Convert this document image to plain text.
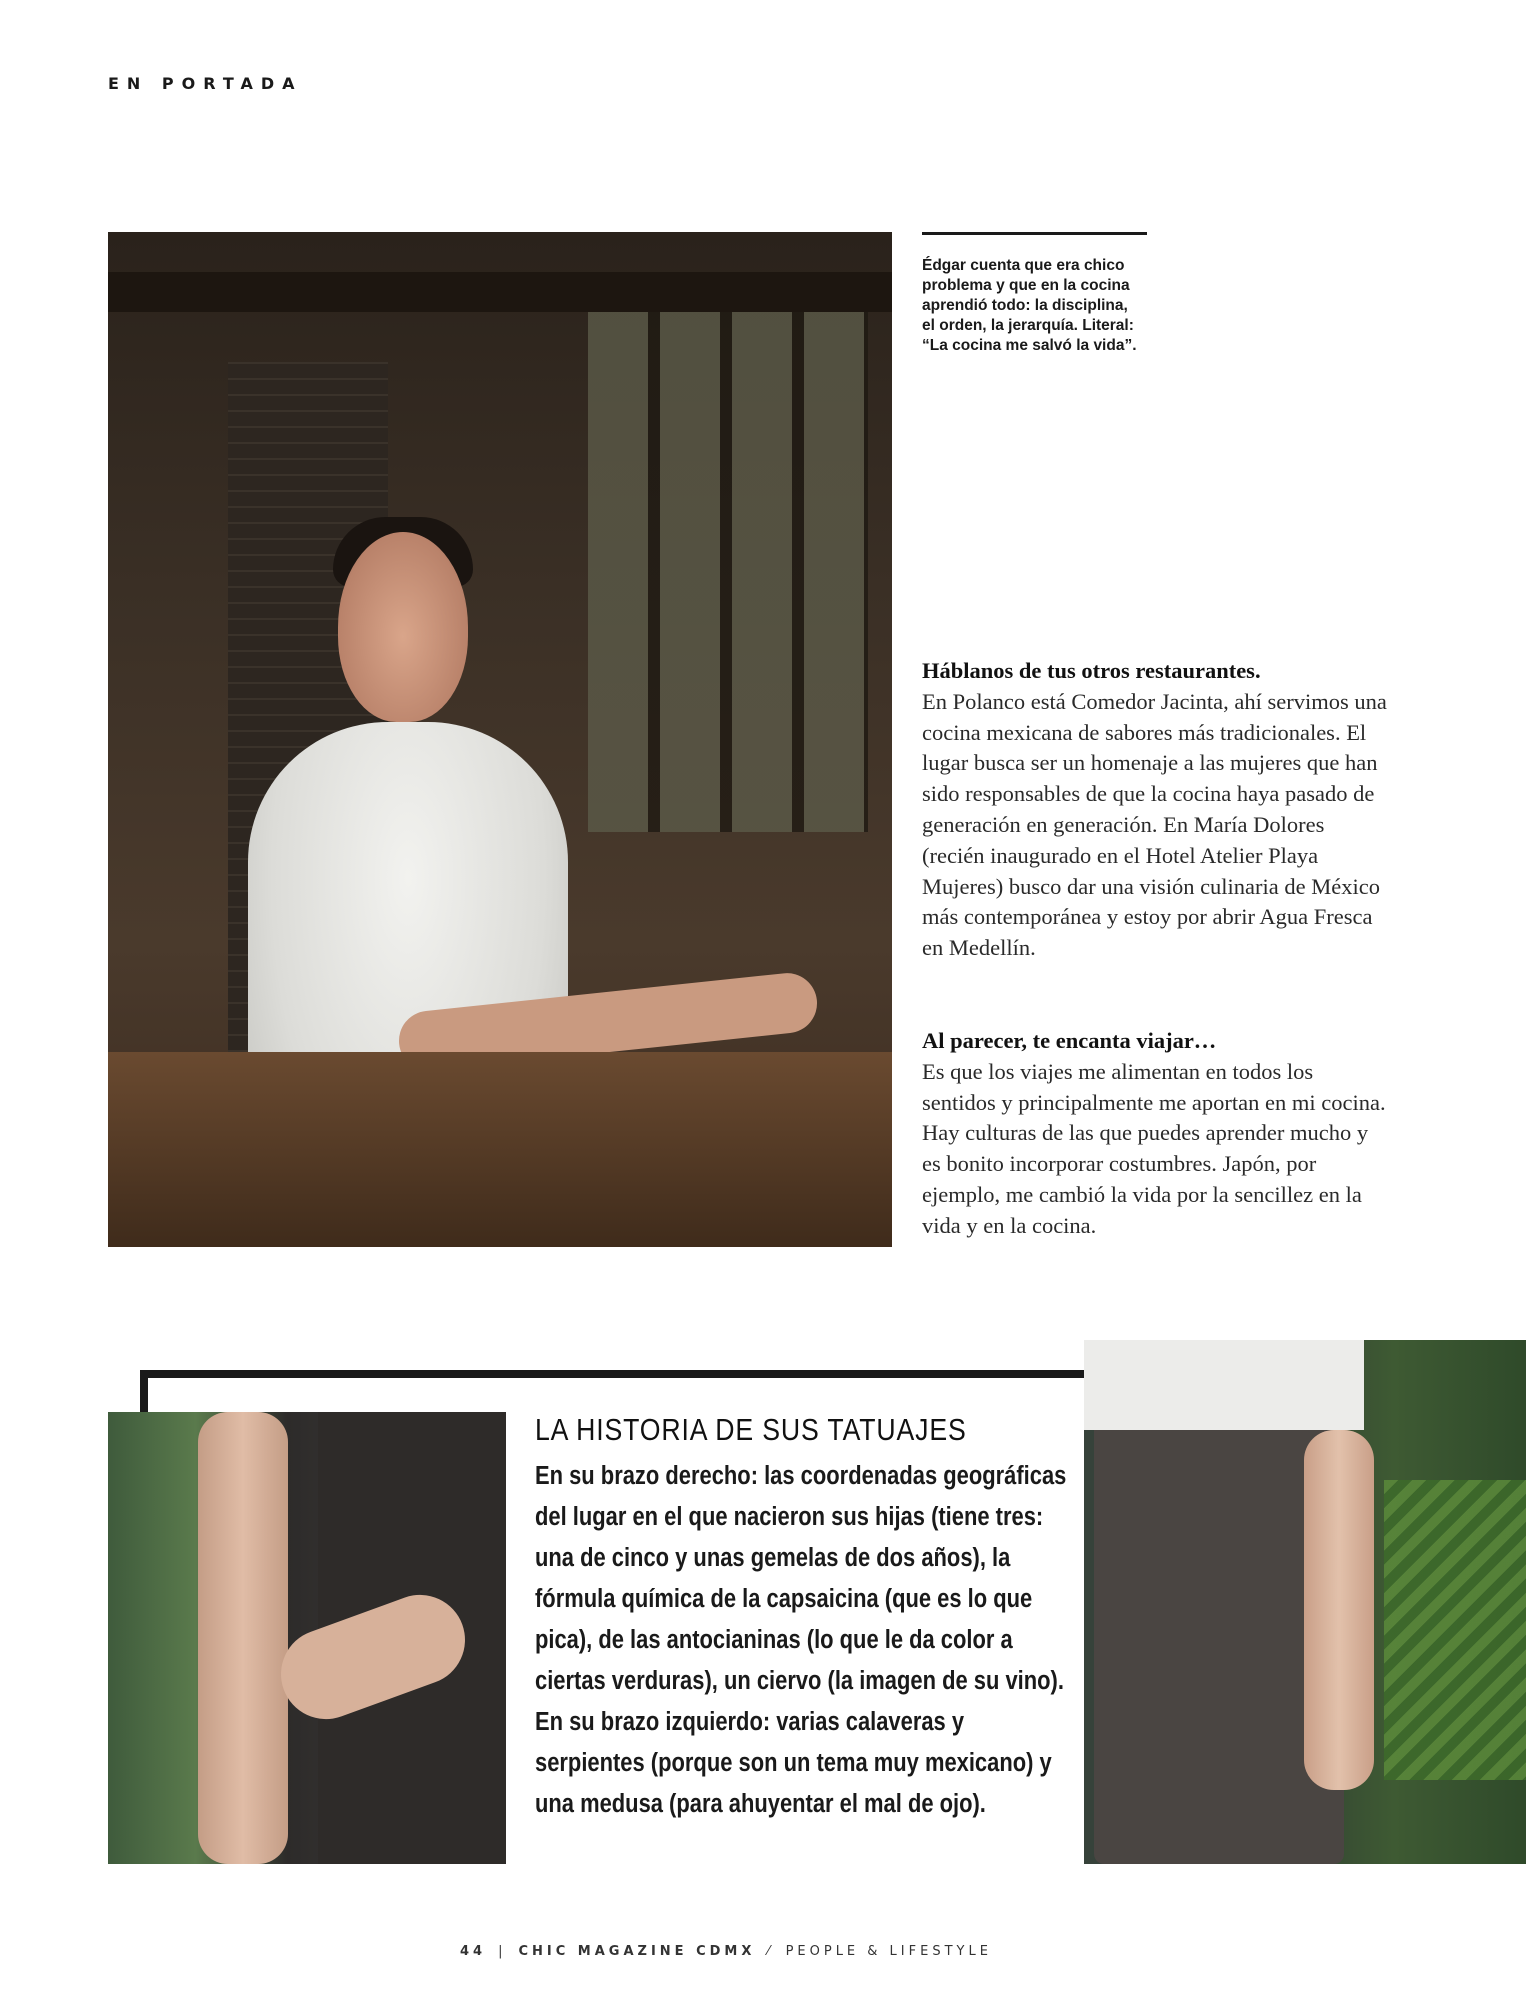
EN PORTADA
Édgar cuenta que era chico problema y que en la cocina aprendió todo: la disciplina, el orden, la jerarquía. Literal: “La cocina me salvó la vida”.
Háblanos de tus otros restaurantes.
En Polanco está Comedor Jacinta, ahí servimos una cocina mexicana de sabores más tradicionales. El lugar busca ser un homenaje a las mujeres que han sido responsables de que la cocina haya pasado de generación en generación. En María Dolores (recién inaugurado en el Hotel Atelier Playa Mujeres) busco dar una visión culinaria de México más contemporánea y estoy por abrir Agua Fresca en Medellín.
Al parecer, te encanta viajar…
Es que los viajes me alimentan en todos los sentidos y principalmente me aportan en mi cocina. Hay culturas de las que puedes aprender mucho y es bonito incorporar costumbres. Japón, por ejemplo, me cambió la vida por la sencillez en la vida y en la cocina.
LA HISTORIA DE SUS TATUAJES
En su brazo derecho: las coordenadas geográficas del lugar en el que nacieron sus hijas (tiene tres: una de cinco y unas gemelas de dos años), la fórmula química de la capsaicina (que es lo que pica), de las antocianinas (lo que le da color a ciertas verduras), un ciervo (la imagen de su vino). En su brazo izquierdo: varias calaveras y serpientes (porque son un tema muy mexicano) y una medusa (para ahuyentar el mal de ojo).
44 | CHIC MAGAZINE CDMX ⁄ PEOPLE & LIFESTYLE
